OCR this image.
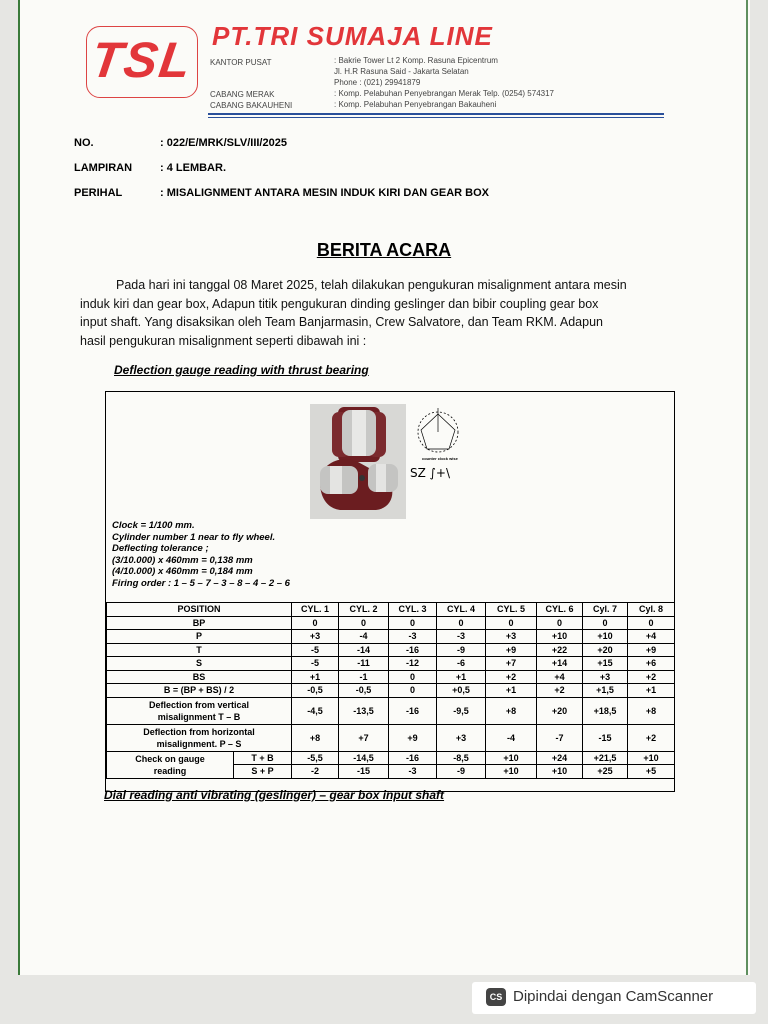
TSL PT.TRI SUMAJA LINE
KANTOR PUSAT	: Bakrie Tower Lt 2 Komp. Rasuna Epicentrum
Jl. H.R Rasuna Said - Jakarta Selatan
Phone : (021) 29941879
CABANG MERAK	: Komp. Pelabuhan Penyebrangan Merak Telp. (0254) 574317
CABANG BAKAUHENI	: Komp. Pelabuhan Penyebrangan Bakauheni
NO.	: 022/E/MRK/SLV/III/2025
LAMPIRAN	: 4 LEMBAR.
PERIHAL	: MISALIGNMENT ANTARA MESIN INDUK KIRI DAN GEAR BOX
BERITA ACARA
Pada hari ini tanggal 08 Maret 2025, telah dilakukan pengukuran misalignment antara mesin
induk kiri dan gear box, Adapun titik pengukuran dinding geslinger dan bibir coupling gear box
input shaft. Yang disaksikan oleh Team Banjarmasin, Crew Salvatore, dan Team RKM. Adapun
hasil pengukuran misalignment seperti dibawah ini :
Deflection gauge reading with thrust bearing
counter clock wise
SZ ∫+\
Clock = 1/100 mm.
Cylinder number 1 near to fly wheel.
Deflecting tolerance ;
(3/10.000) x 460mm = 0,138 mm
(4/10.000) x 460mm = 0,184 mm
Firing order : 1 – 5 – 7 – 3 – 8 – 4 – 2 – 6
POSITION		CYL. 1	CYL. 2	CYL. 3	CYL. 4	CYL. 5	CYL. 6	Cyl. 7	Cyl. 8
BP		0	0	0	0	0	0	0	0
P		+3	-4	-3	-3	+3	+10	+10	+4
T		-5	-14	-16	-9	+9	+22	+20	+9
S		-5	-11	-12	-6	+7	+14	+15	+6
BS		+1	-1	0	+1	+2	+4	+3	+2
B = (BP + BS) / 2		-0,5	-0,5	0	+0,5	+1	+2	+1,5	+1

Deflection from vertical
misalignment T – B		-4,5	-13,5	-16	-9,5	+8	+20	+18,5	+8

Deflection from horizontal
misalignment. P – S		+8	+7	+9	+3	-4	-7	-15	+2

Check on gauge
reading	T + B	-5,5	-14,5	-16	-8,5	+10	+24	+21,5	+10
	S + P	-2	-15	-3	-9	+10	+10	+25	+5
Dial reading anti vibrating (geslinger) – gear box input shaft
CS Dipindai dengan CamScanner
